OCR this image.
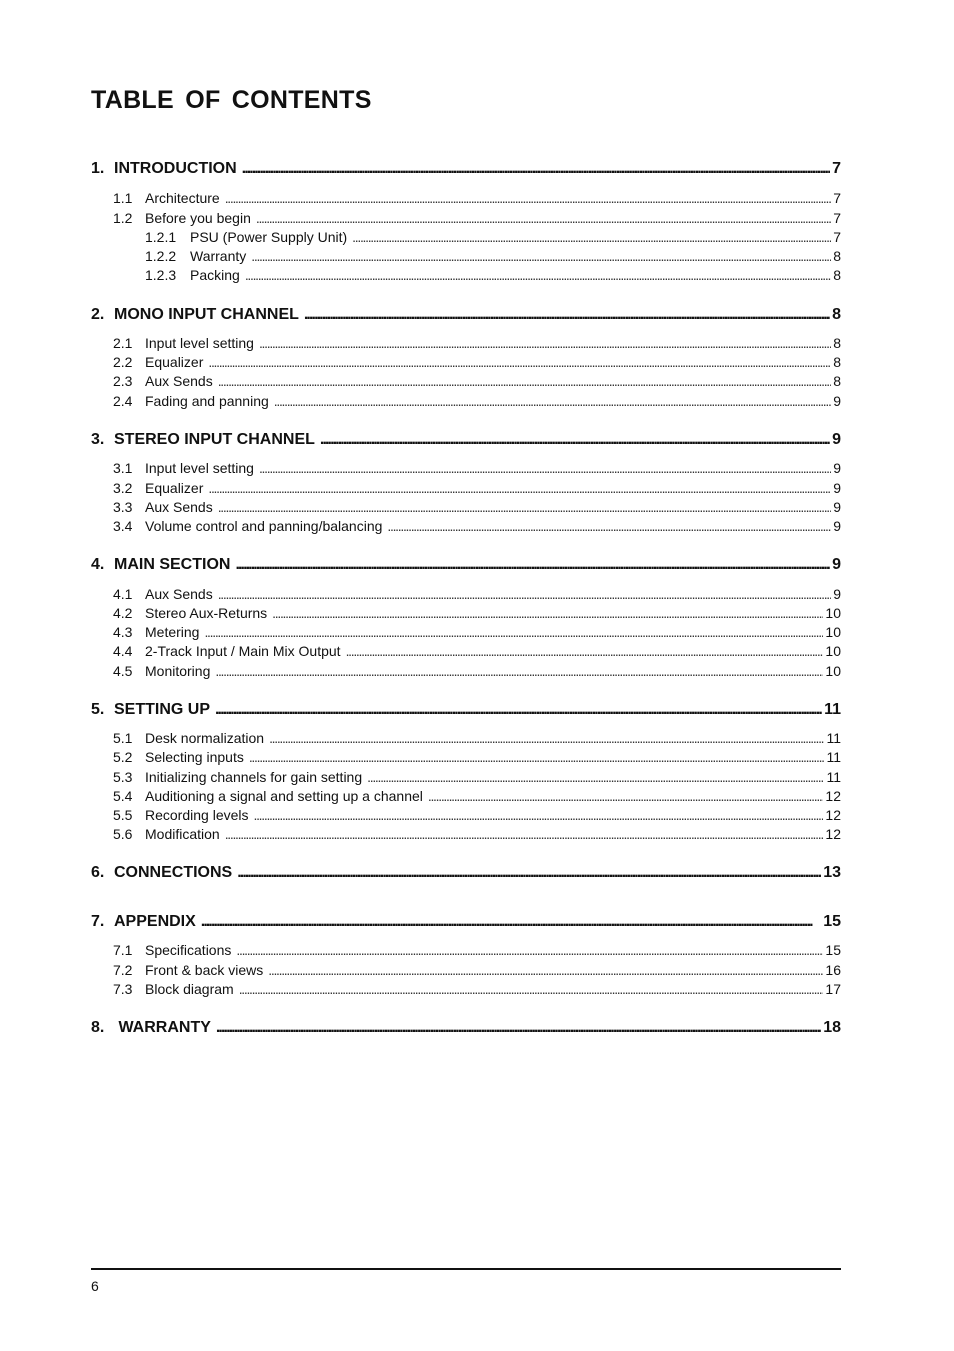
TABLE OF CONTENTS
1. INTRODUCTION .....	7
1.1 Architecture .....	7
1.2 Before you begin .....	7
1.2.1 PSU (Power Supply Unit) .....	7
1.2.2 Warranty .....	8
1.2.3 Packing .....	8
2. MONO INPUT CHANNEL .....	8
2.1 Input level setting .....	8
2.2 Equalizer .....	8
2.3 Aux Sends .....	8
2.4 Fading and panning .....	9
3. STEREO INPUT CHANNEL .....	9
3.1 Input level setting .....	9
3.2 Equalizer .....	9
3.3 Aux Sends .....	9
3.4 Volume control and panning/balancing .....	9
4. MAIN SECTION .....	9
4.1 Aux Sends .....	9
4.2 Stereo Aux-Returns .....	10
4.3 Metering .....	10
4.4 2-Track Input / Main Mix Output .....	10
4.5 Monitoring .....	10
5. SETTING UP .....	11
5.1 Desk normalization .....	11
5.2 Selecting inputs .....	11
5.3 Initializing channels for gain setting .....	11
5.4 Auditioning a signal and setting up a channel .....	12
5.5 Recording levels .....	12
5.6 Modification .....	12
6. CONNECTIONS .....	13
7. APPENDIX .....	15
7.1 Specifications .....	15
7.2 Front & back views .....	16
7.3 Block diagram .....	17
8. WARRANTY .....	18
6
